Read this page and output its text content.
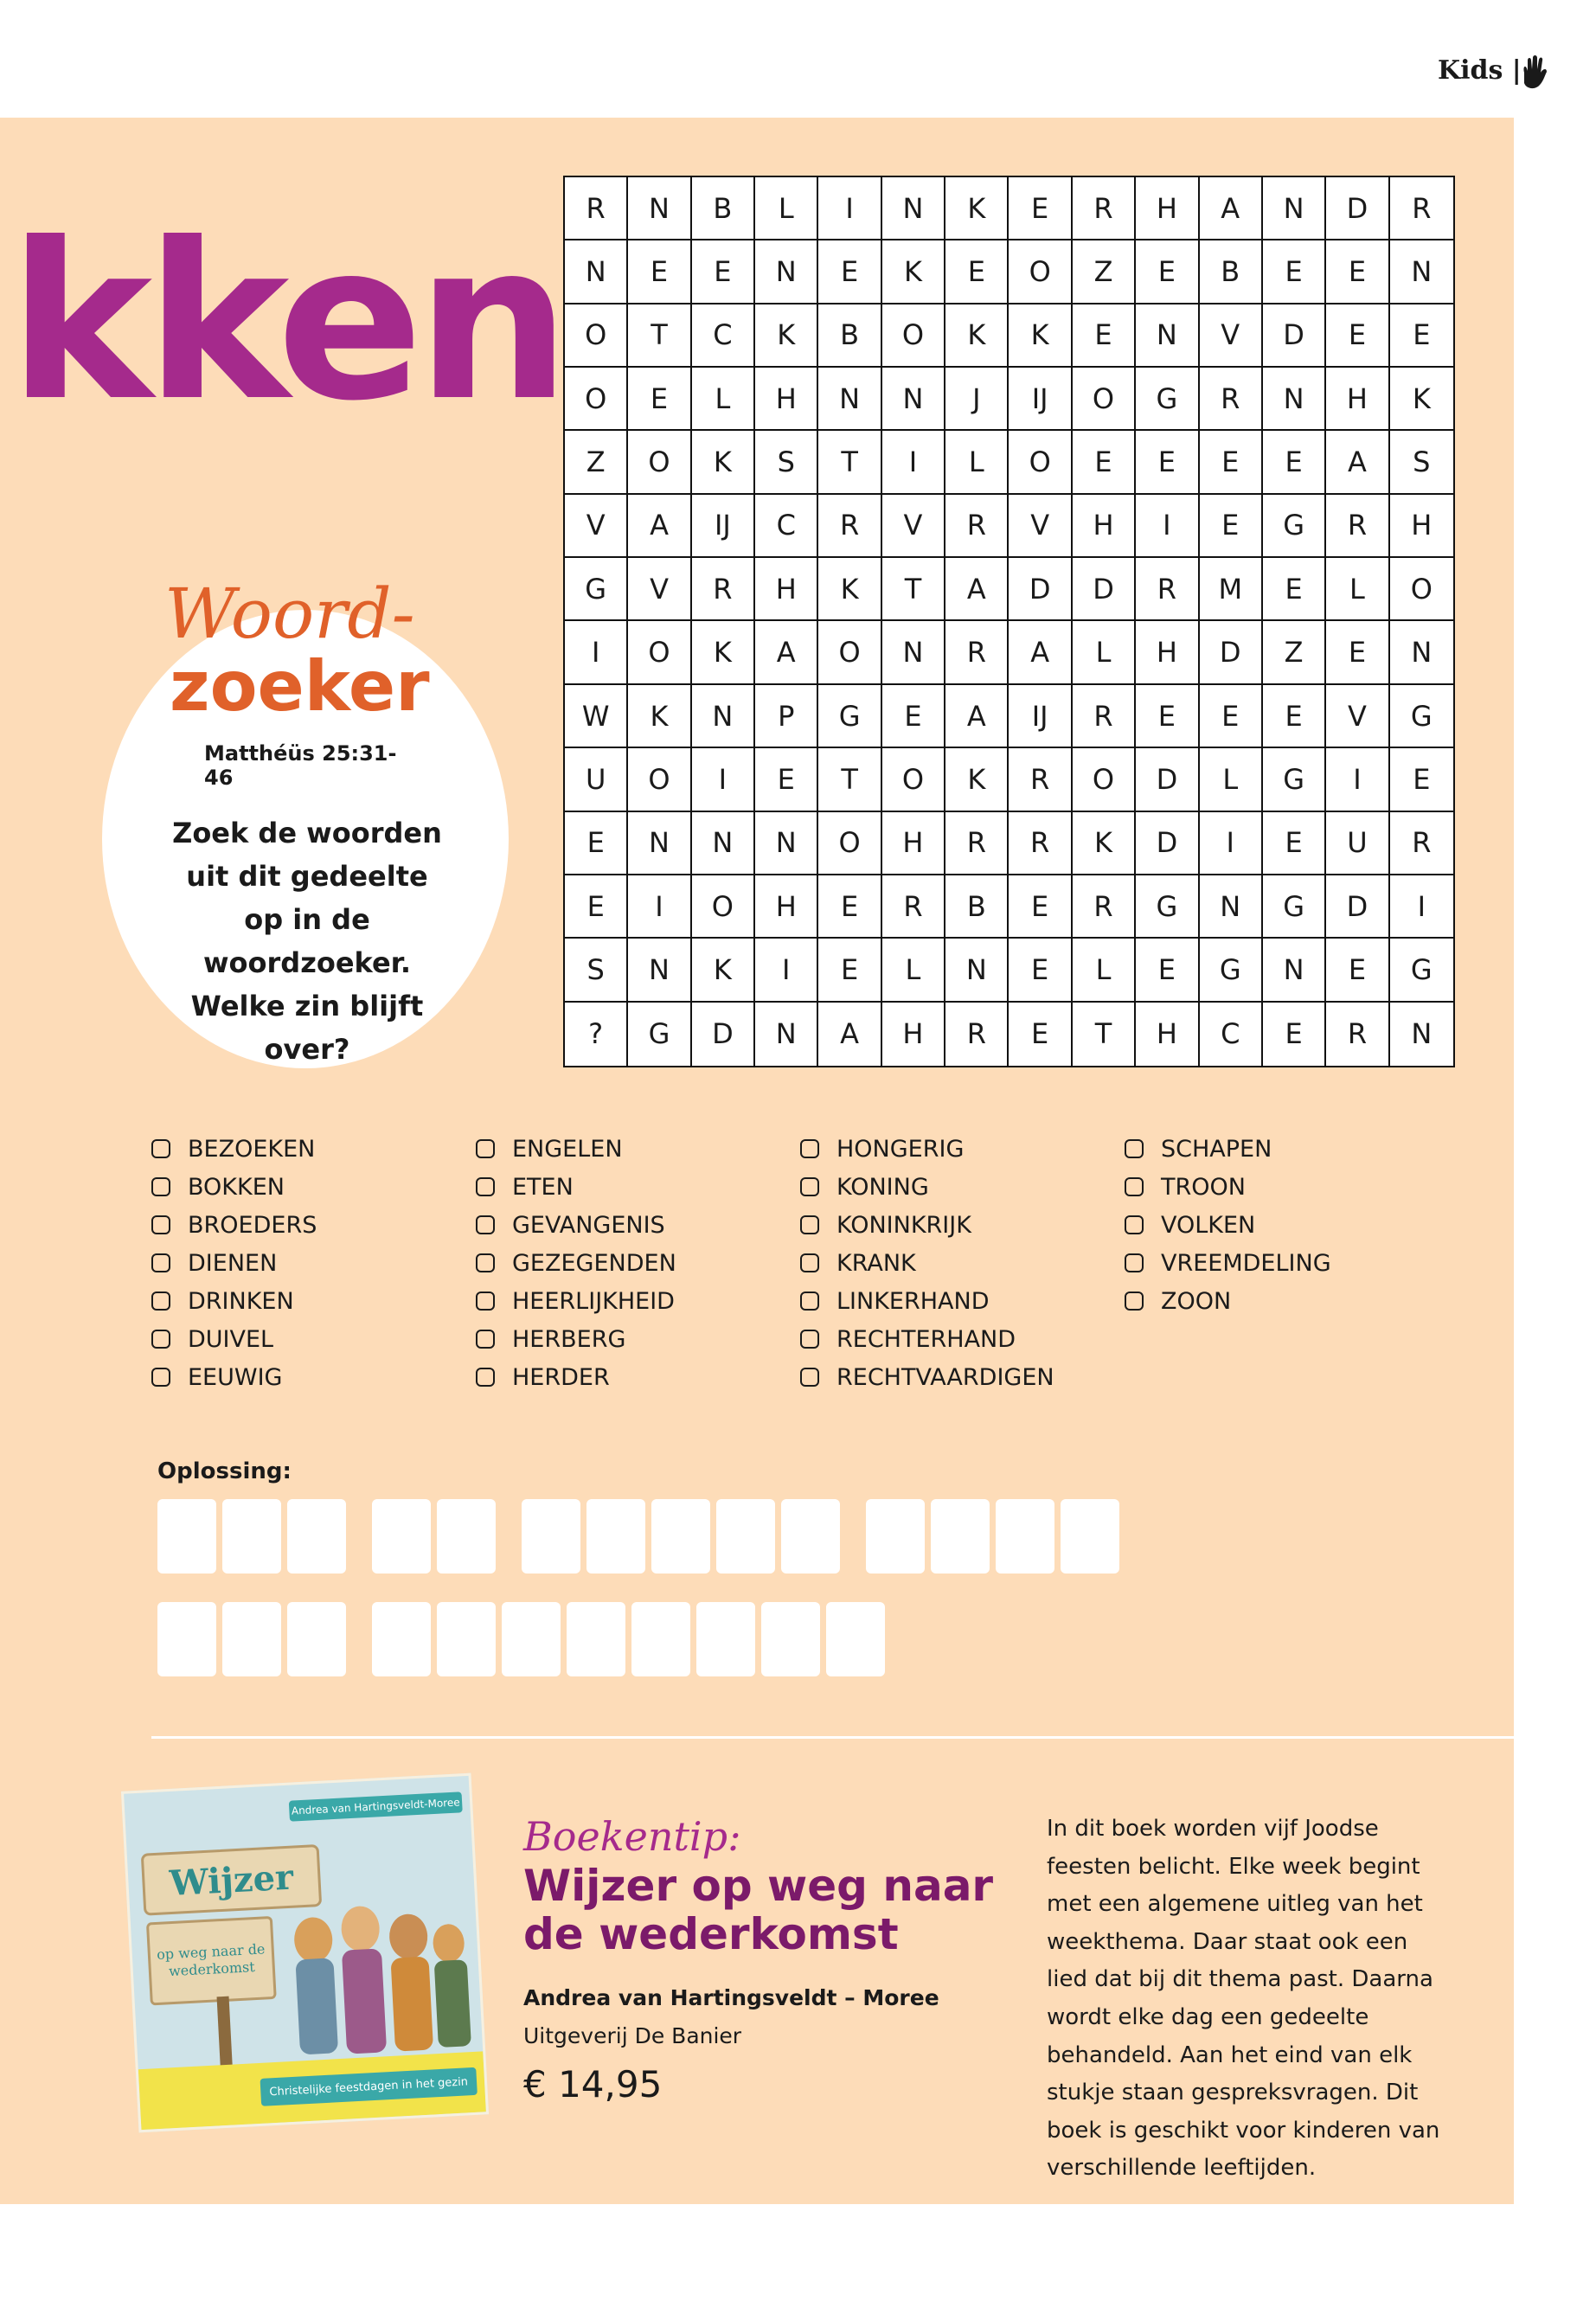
Kids |
kken
Woord-
zoeker
Matthéüs 25:31-46
Zoek de woorden uit dit gedeelte op in de woordzoeker. Welke zin blijft over?
R	N	B	L	I	N	K	E	R	H	A	N	D	R
N	E	E	N	E	K	E	O	Z	E	B	E	E	N
O	T	C	K	B	O	K	K	E	N	V	D	E	E
O	E	L	H	N	N	J	IJ	O	G	R	N	H	K
Z	O	K	S	T	I	L	O	E	E	E	E	A	S
V	A	IJ	C	R	V	R	V	H	I	E	G	R	H
G	V	R	H	K	T	A	D	D	R	M	E	L	O
I	O	K	A	O	N	R	A	L	H	D	Z	E	N
W	K	N	P	G	E	A	IJ	R	E	E	E	V	G
U	O	I	E	T	O	K	R	O	D	L	G	I	E
E	N	N	N	O	H	R	R	K	D	I	E	U	R
E	I	O	H	E	R	B	E	R	G	N	G	D	I
S	N	K	I	E	L	N	E	L	E	G	N	E	G
?	G	D	N	A	H	R	E	T	H	C	E	R	N
BEZOEKEN
BOKKEN
BROEDERS
DIENEN
DRINKEN
DUIVEL
EEUWIG
ENGELEN
ETEN
GEVANGENIS
GEZEGENDEN
HEERLIJKHEID
HERBERG
HERDER
HONGERIG
KONING
KONINKRIJK
KRANK
LINKERHAND
RECHTERHAND
RECHTVAARDIGEN
SCHAPEN
TROON
VOLKEN
VREEMDELING
ZOON
Oplossing:
Andrea van Hartingsveldt-Moree
Wijzer
op weg naar de wederkomst
Christelijke feestdagen in het gezin
Boekentip:
Wijzer op weg naar de wederkomst
Andrea van Hartingsveldt – Moree
Uitgeverij De Banier
€ 14,95
In dit boek worden vijf Joodse feesten belicht. Elke week begint met een algemene uitleg van het weekthema. Daar staat ook een lied dat bij dit thema past. Daarna wordt elke dag een gedeelte behandeld. Aan het eind van elk stukje staan gespreksvragen. Dit boek is geschikt voor kinderen van verschillende leeftijden.
